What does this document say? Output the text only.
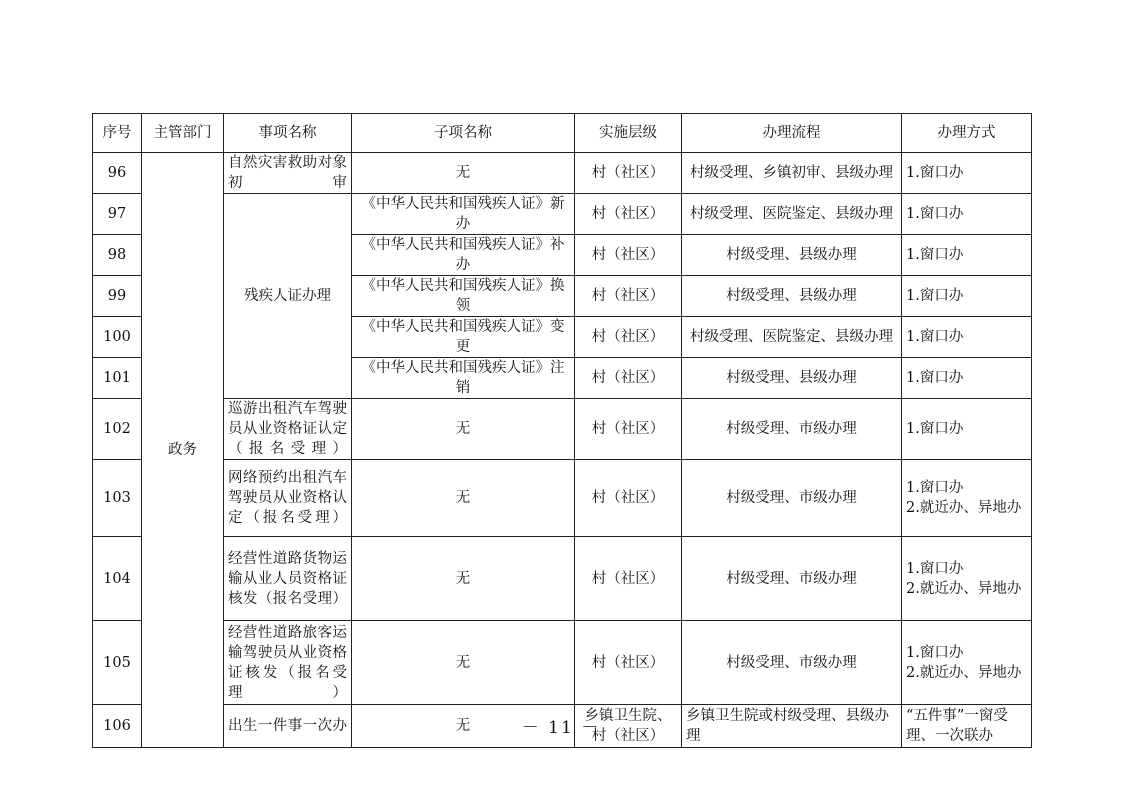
序号	主管部门	事项名称	子项名称	实施层级	办理流程	办理方式
96	政务	自然灾害救助对象初审	无	村（社区）	村级受理、乡镇初审、县级办理	1.窗口办

97		残疾人证办理	《中华人民共和国残疾人证》新办	村（社区）	村级受理、医院鉴定、县级办理	1.窗口办

98			《中华人民共和国残疾人证》补办	村（社区）	村级受理、县级办理	1.窗口办

99			《中华人民共和国残疾人证》换领	村（社区）	村级受理、县级办理	1.窗口办

100			《中华人民共和国残疾人证》变更	村（社区）	村级受理、医院鉴定、县级办理	1.窗口办

101			《中华人民共和国残疾人证》注销	村（社区）	村级受理、县级办理	1.窗口办

102		巡游出租汽车驾驶员从业资格证认定（报名受理）	无	村（社区）	村级受理、市级办理	1.窗口办

103		网络预约出租汽车驾驶员从业资格认定（报名受理）	无	村（社区）	村级受理、市级办理	1.窗口办
2.就近办、异地办

104		经营性道路货物运输从业人员资格证核发（报名受理）	无	村（社区）	村级受理、市级办理	1.窗口办
2.就近办、异地办

105		经营性道路旅客运输驾驶员从业资格证核发（报名受理）	无	村（社区）	村级受理、市级办理	1.窗口办
2.就近办、异地办

106		出生一件事一次办	无	乡镇卫生院、村（社区）	乡镇卫生院或村级受理、县级办理	“五件事”一窗受理、一次联办
－ 11 －
